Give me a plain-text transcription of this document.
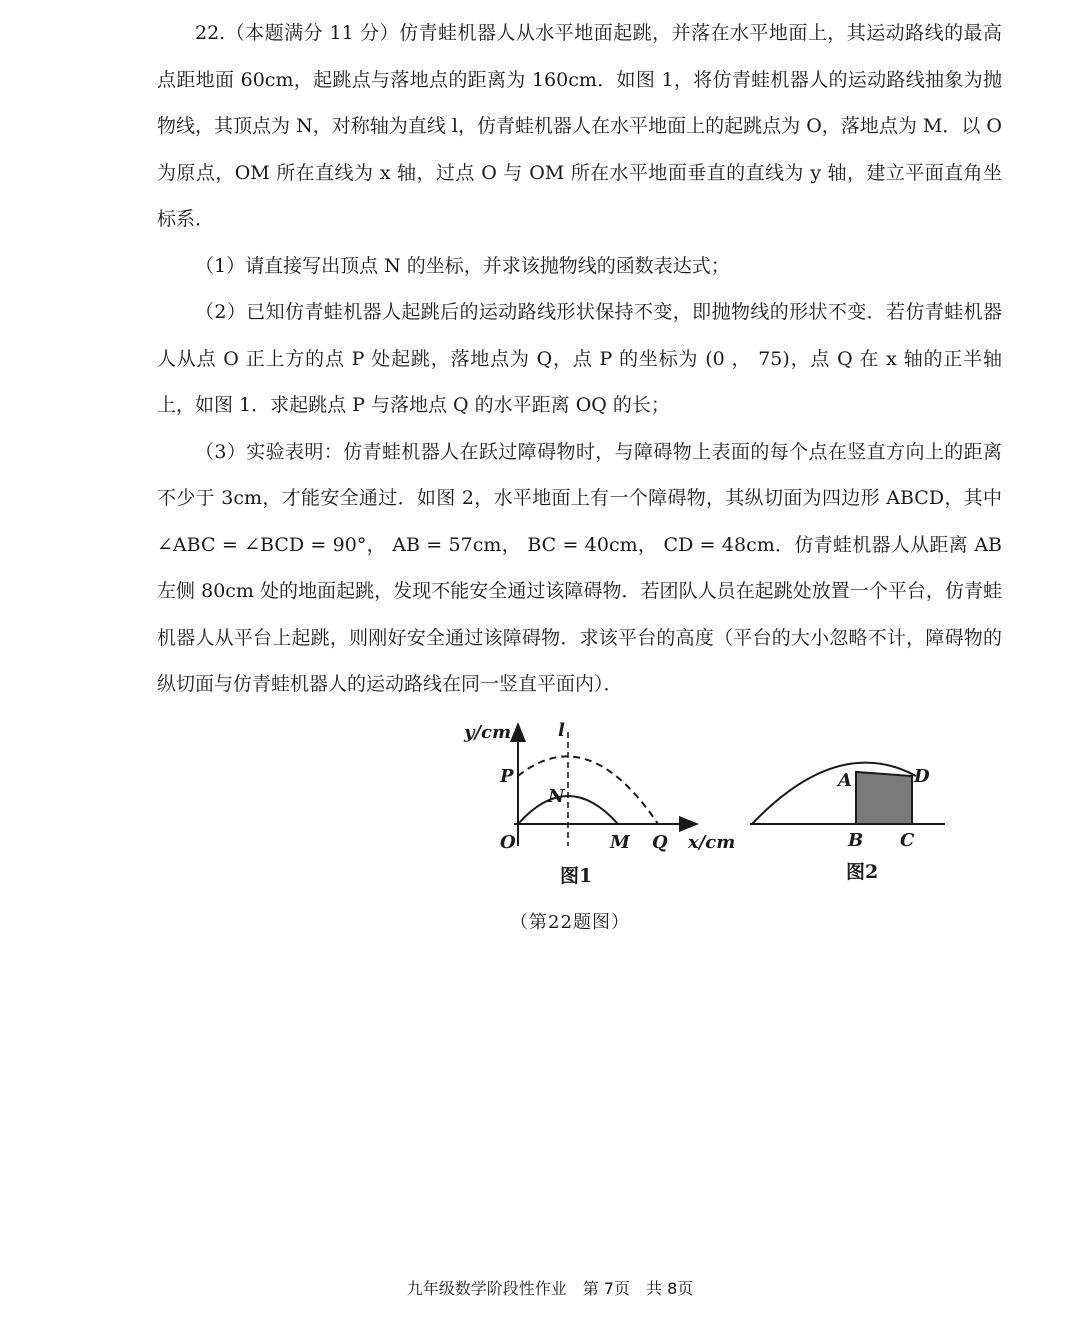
22.（本题满分 11 分）仿青蛙机器人从水平地面起跳，并落在水平地面上，其运动路线的最高点距地面 60cm，起跳点与落地点的距离为 160cm．如图 1，将仿青蛙机器人的运动路线抽象为抛物线，其顶点为 N，对称轴为直线 l，仿青蛙机器人在水平地面上的起跳点为 O，落地点为 M．以 O 为原点，OM 所在直线为 x 轴，过点 O 与 OM 所在水平地面垂直的直线为 y 轴，建立平面直角坐标系．

（1）请直接写出顶点 N 的坐标，并求该抛物线的函数表达式；

（2）已知仿青蛙机器人起跳后的运动路线形状保持不变，即抛物线的形状不变．若仿青蛙机器人从点 O 正上方的点 P 处起跳，落地点为 Q，点 P 的坐标为 (0 ， 75)，点 Q 在 x 轴的正半轴上，如图 1．求起跳点 P 与落地点 Q 的水平距离 OQ 的长；

（3）实验表明：仿青蛙机器人在跃过障碍物时，与障碍物上表面的每个点在竖直方向上的距离不少于 3cm，才能安全通过．如图 2，水平地面上有一个障碍物，其纵切面为四边形 ABCD，其中 ∠ABC = ∠BCD = 90°， AB = 57cm， BC = 40cm， CD = 48cm．仿青蛙机器人从距离 AB 左侧 80cm 处的地面起跳，发现不能安全通过该障碍物．若团队人员在起跳处放置一个平台，仿青蛙机器人从平台上起跳，则刚好安全通过该障碍物．求该平台的高度（平台的大小忽略不计，障碍物的纵切面与仿青蛙机器人的运动路线在同一竖直平面内）．

y/cm	l
P
N
O	M Q x/cm
图1
A	D
B C
图2
（第22题图）
九年级数学阶段性作业　第 7页　共 8页
